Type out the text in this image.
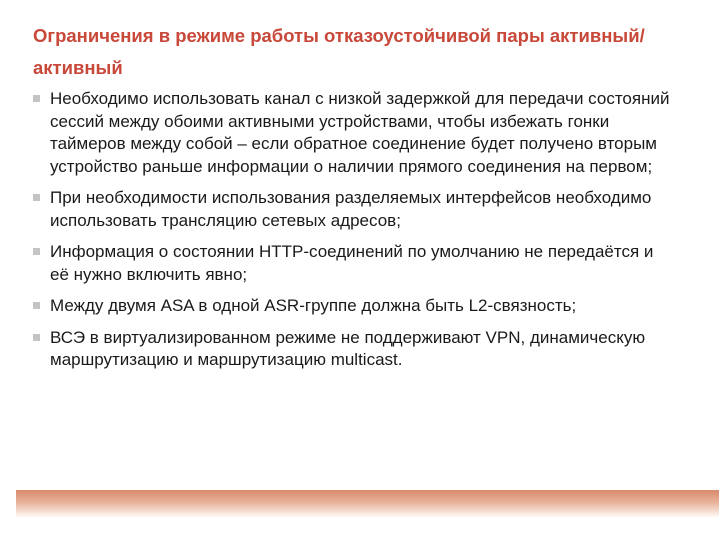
Ограничения в режиме работы отказоустойчивой пары активный/активный
Необходимо использовать канал с низкой задержкой для передачи состояний сессий между обоими активными устройствами, чтобы избежать гонки таймеров между собой – если обратное соединение будет получено вторым устройство раньше информации о наличии прямого соединения на первом;
При необходимости использования разделяемых интерфейсов необходимо использовать трансляцию сетевых адресов;
Информация о состоянии HTTP-соединений по умолчанию не передаётся и её нужно включить явно;
Между двумя ASA в одной ASR-группе должна быть L2-связность;
ВСЭ в виртуализированном режиме не поддерживают VPN, динамическую маршрутизацию и маршрутизацию multicast.
